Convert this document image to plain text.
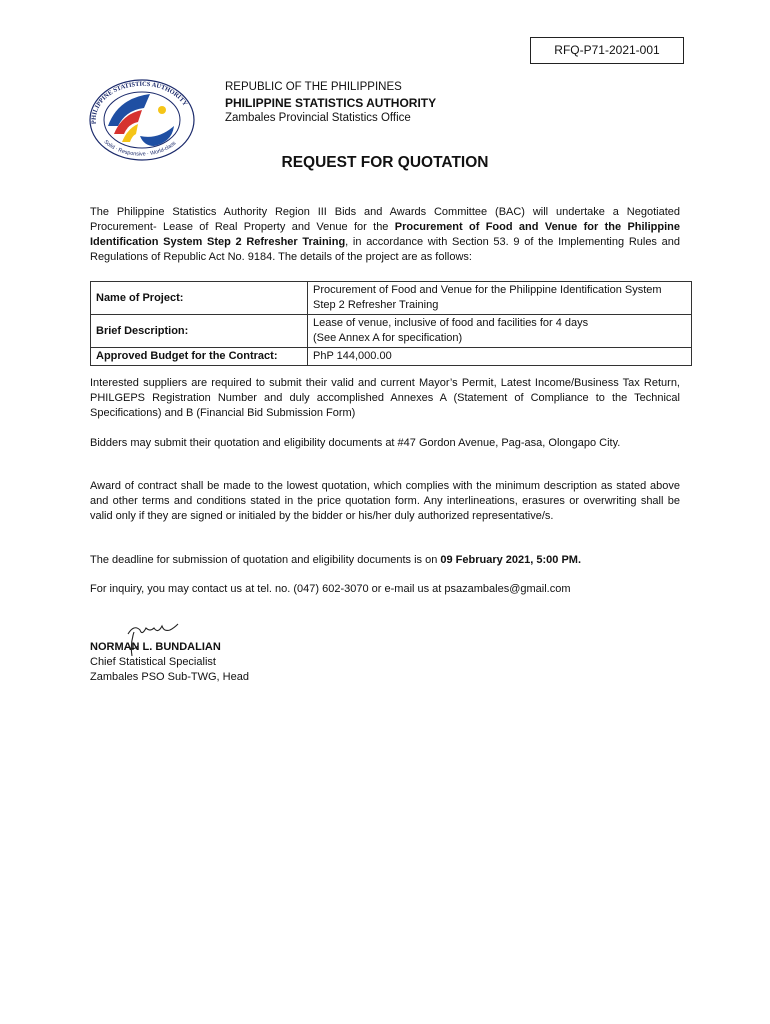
RFQ-P71-2021-001
PHILIPPINE STATISTICS AUTHORITY
Solid · Responsive · World-class
REPUBLIC OF THE PHILIPPINES
PHILIPPINE STATISTICS AUTHORITY
Zambales Provincial Statistics Office
REQUEST FOR QUOTATION

The Philippine Statistics Authority Region III Bids and Awards Committee (BAC) will undertake a Negotiated Procurement- Lease of Real Property and Venue for the Procurement of Food and Venue for the Philippine Identification System Step 2 Refresher Training, in accordance with Section 53. 9 of the Implementing Rules and Regulations of Republic Act No. 9184. The details of the project are as follows:

Name of Project:	Procurement of Food and Venue for the Philippine Identification System Step 2 Refresher Training
Brief Description:	Lease of venue, inclusive of food and facilities for 4 days
(See Annex A for specification)

Approved Budget for the Contract:	PhP 144,000.00

Interested suppliers are required to submit their valid and current Mayor’s Permit, Latest Income/Business Tax Return, PHILGEPS Registration Number and duly accomplished Annexes A (Statement of Compliance to the Technical Specifications) and B (Financial Bid Submission Form)

Bidders may submit their quotation and eligibility documents at #47 Gordon Avenue, Pag-asa, Olongapo City.

Award of contract shall be made to the lowest quotation, which complies with the minimum description as stated above and other terms and conditions stated in the price quotation form. Any interlineations, erasures or overwriting shall be valid only if they are signed or initialed by the bidder or his/her duly authorized representative/s.

The deadline for submission of quotation and eligibility documents is on 09 February 2021, 5:00 PM.

For inquiry, you may contact us at tel. no. (047) 602-3070 or e-mail us at psazambales@gmail.com

NORMAN L. BUNDALIAN
Chief Statistical Specialist
Zambales PSO Sub-TWG, Head
